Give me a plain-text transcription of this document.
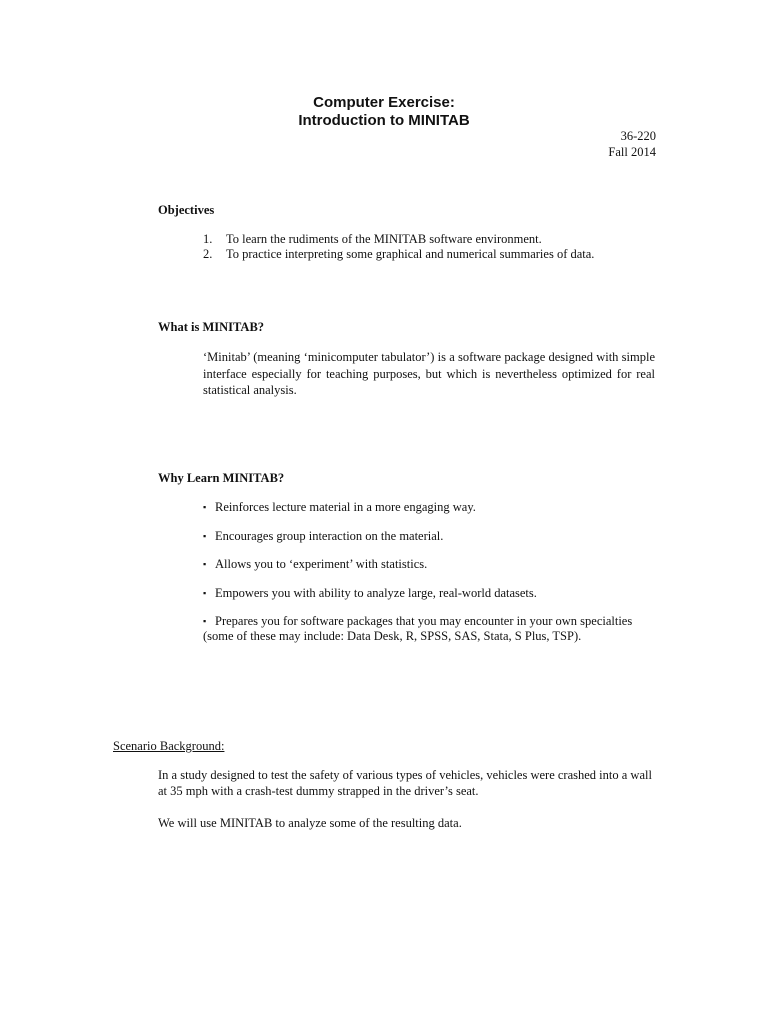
Computer Exercise:
Introduction to MINITAB
36-220
Fall 2014
Objectives
1.	To learn the rudiments of the MINITAB software environment.
2.	To practice interpreting some graphical and numerical summaries of data.
What is MINITAB?
‘Minitab’ (meaning ‘minicomputer tabulator’) is a software package designed with simple interface especially for teaching purposes, but which is nevertheless optimized for real statistical analysis.
Why Learn MINITAB?
▪ Reinforces lecture material in a more engaging way.
▪ Encourages group interaction on the material.
▪ Allows you to ‘experiment’ with statistics.
▪ Empowers you with ability to analyze large, real-world datasets.
▪ Prepares you for software packages that you may encounter in your own specialties (some of these may include: Data Desk, R, SPSS, SAS, Stata, S Plus, TSP).
Scenario Background:
In a study designed to test the safety of various types of vehicles, vehicles were crashed into a wall at 35 mph with a crash-test dummy strapped in the driver’s seat.
We will use MINITAB to analyze some of the resulting data.
